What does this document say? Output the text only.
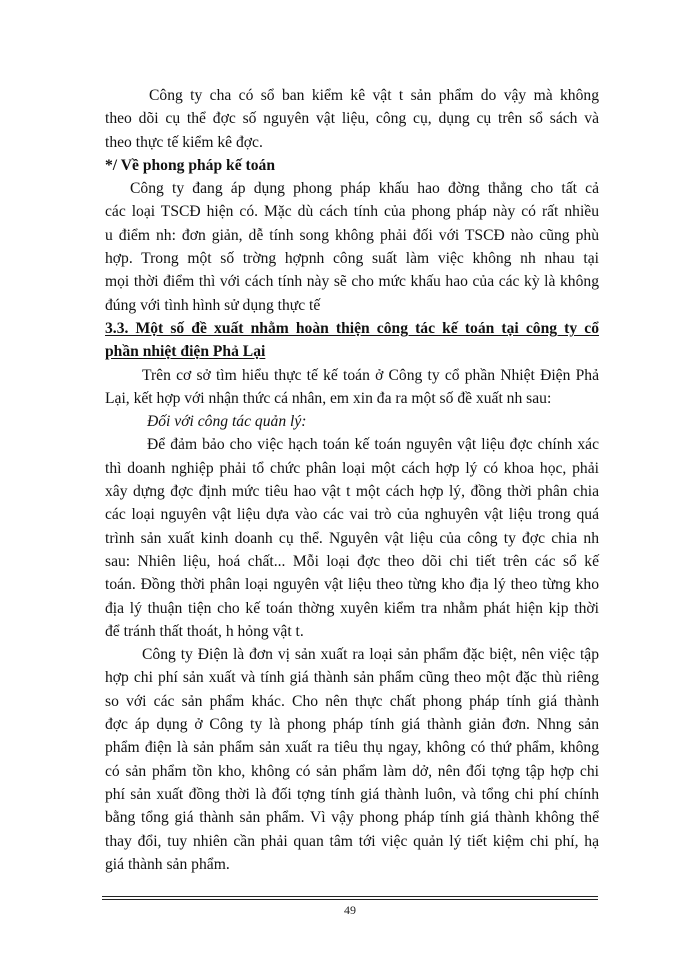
Công ty cha có sổ ban kiểm kê vật t sản phẩm do vậy mà không
theo dõi cụ thể đợc số nguyên vật liệu, công cụ, dụng cụ trên sổ sách và
theo thực tế kiểm kê đợc.
*/ Về phong pháp kế toán
Công ty đang áp dụng phong pháp khấu hao đờng thẳng cho tất cả
các loại TSCĐ hiện có. Mặc dù cách tính của phong pháp này có rất nhiều
u điểm nh: đơn giản, dễ tính song không phải đối với TSCĐ nào cũng phù
hợp. Trong một số trờng hợpnh công suất làm việc không nh nhau tại
mọi thời điểm thì với cách tính này sẽ cho mức khấu hao của các kỳ là không
đúng với tình hình sử dụng thực tế
3.3. Một số đề xuất nhằm hoàn thiện công tác kế toán tại công ty cổ
phần nhiệt điện Phả Lại
Trên cơ sở tìm hiểu thực tế kế toán ở Công ty cổ phần Nhiệt Điện Phả
Lại, kết hợp với nhận thức cá nhân, em xin đa ra một số đề xuất nh sau:
Đối với công tác quản lý:
Để đảm bảo cho việc hạch toán kế toán nguyên vật liệu đợc chính xác
thì doanh nghiệp phải tổ chức phân loại một cách hợp lý có khoa học, phải
xây dựng đợc định mức tiêu hao vật t một cách hợp lý, đồng thời phân chia
các loại nguyên vật liệu dựa vào các vai trò của nghuyên vật liệu trong quá
trình sản xuất kinh doanh cụ thể. Nguyên vật liệu của công ty đợc chia nh
sau: Nhiên liệu, hoá chất... Mỗi loại đợc theo dõi chi tiết trên các sổ kế
toán. Đồng thời phân loại nguyên vật liệu theo từng kho địa lý theo từng kho
địa lý thuận tiện cho kế toán thờng xuyên kiểm tra nhằm phát hiện kịp thời
để tránh thất thoát, h hỏng vật t.
Công ty Điện là đơn vị sản xuất ra loại sản phẩm đặc biệt, nên việc tập
hợp chi phí sản xuất và tính giá thành sản phẩm cũng theo một đặc thù riêng
so với các sản phẩm khác. Cho nên thực chất phong pháp tính giá thành
đợc áp dụng ở Công ty là phong pháp tính giá thành giản đơn. Nhng sản
phẩm điện là sản phẩm sản xuất ra tiêu thụ ngay, không có thứ phẩm, không
có sản phẩm tồn kho, không có sản phẩm làm dở, nên đối tợng tập hợp chi
phí sản xuất đồng thời là đối tợng tính giá thành luôn, và tổng chi phí chính
bằng tổng giá thành sản phẩm. Vì vậy phong pháp tính giá thành không thể
thay đổi, tuy nhiên cần phải quan tâm tới việc quản lý tiết kiệm chi phí, hạ
giá thành sản phẩm.
49
